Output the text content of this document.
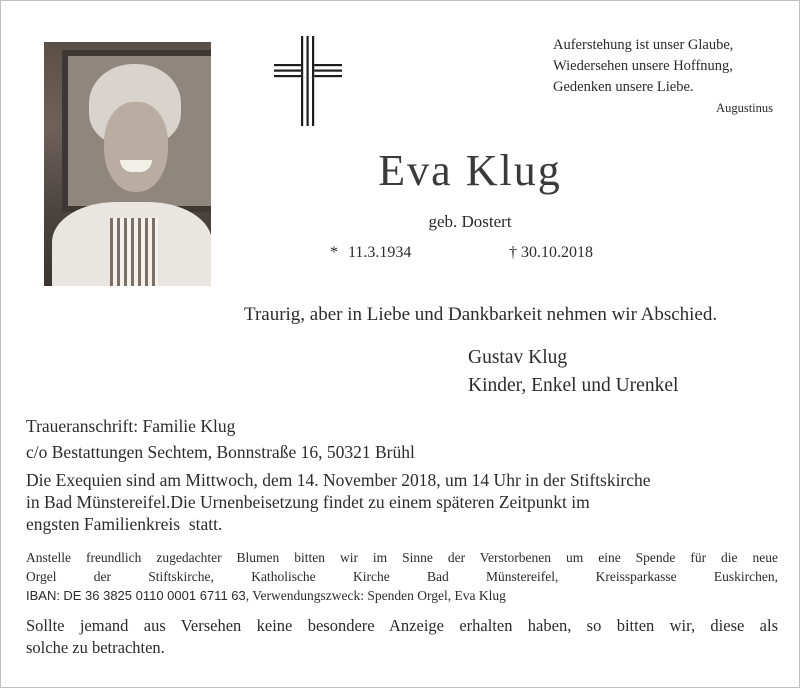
Auferstehung ist unser Glaube,
Wiedersehen unsere Hoffnung,
Gedenken unsere Liebe.
Augustinus
Eva Klug
geb. Dostert
* 11.3.1934	† 30.10.2018
Traurig, aber in Liebe und Dankbarkeit nehmen wir Abschied.
Gustav Klug
Kinder, Enkel und Urenkel
Traueranschrift: Familie Klug
c/o Bestattungen Sechtem, Bonnstraße 16, 50321 Brühl
Die Exequien sind am Mittwoch, dem 14. November 2018, um 14 Uhr in der Stiftskirche
in Bad Münstereifel.Die Urnenbeisetzung findet zu einem späteren Zeitpunkt im
engsten Familienkreis  statt.
Anstelle freundlich zugedachter Blumen bitten wir im Sinne der Verstorbenen um eine Spende für die neue
Orgel der Stiftskirche, Katholische Kirche Bad Münstereifel, Kreissparkasse Euskirchen,
IBAN: DE 36 3825 0110 0001 6711 63, Verwendungszweck: Spenden Orgel, Eva Klug
Sollte jemand aus Versehen keine besondere Anzeige erhalten haben, so bitten wir, diese als
solche zu betrachten.
